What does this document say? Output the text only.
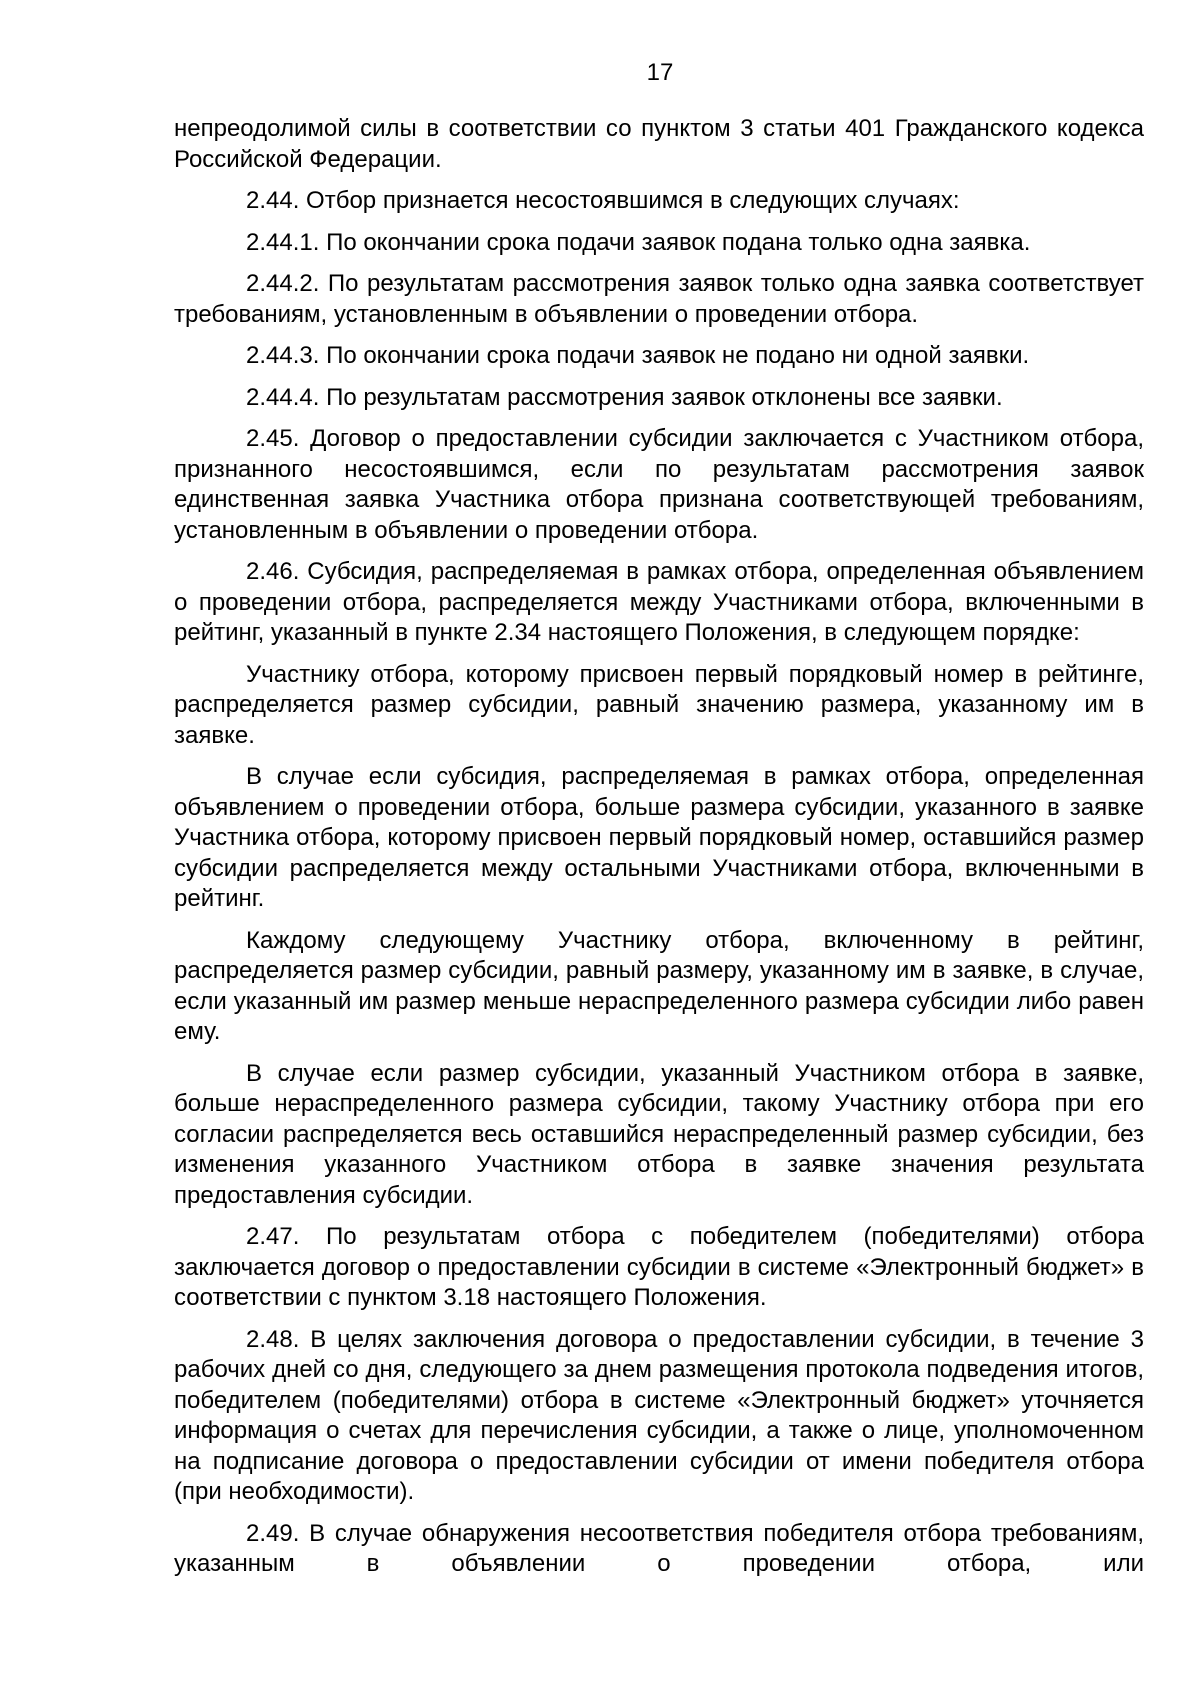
17

непреодолимой силы в соответствии со пунктом 3 статьи 401 Гражданского кодекса Российской Федерации.

2.44. Отбор признается несостоявшимся в следующих случаях:

2.44.1. По окончании срока подачи заявок подана только одна заявка.

2.44.2. По результатам рассмотрения заявок только одна заявка соответствует требованиям, установленным в объявлении о проведении отбора.

2.44.3. По окончании срока подачи заявок не подано ни одной заявки.

2.44.4. По результатам рассмотрения заявок отклонены все заявки.

2.45. Договор о предоставлении субсидии заключается с Участником отбора, признанного несостоявшимся, если по результатам рассмотрения заявок единственная заявка Участника отбора признана соответствующей требованиям, установленным в объявлении о проведении отбора.

2.46. Субсидия, распределяемая в рамках отбора, определенная объявлением о проведении отбора, распределяется между Участниками отбора, включенными в рейтинг, указанный в пункте 2.34 настоящего Положения, в следующем порядке:

Участнику отбора, которому присвоен первый порядковый номер в рейтинге, распределяется размер субсидии, равный значению размера, указанному им в заявке.

В случае если субсидия, распределяемая в рамках отбора, определенная объявлением о проведении отбора, больше размера субсидии, указанного в заявке Участника отбора, которому присвоен первый порядковый номер, оставшийся размер субсидии распределяется между остальными Участниками отбора, включенными в рейтинг.

Каждому следующему Участнику отбора, включенному в рейтинг, распределяется размер субсидии, равный размеру, указанному им в заявке, в случае, если указанный им размер меньше нераспределенного размера субсидии либо равен ему.

В случае если размер субсидии, указанный Участником отбора в заявке, больше нераспределенного размера субсидии, такому Участнику отбора при его согласии распределяется весь оставшийся нераспределенный размер субсидии, без изменения указанного Участником отбора в заявке значения результата предоставления субсидии.

2.47. По результатам отбора с победителем (победителями) отбора заключается договор о предоставлении субсидии в системе «Электронный бюджет» в соответствии с пунктом 3.18 настоящего Положения.

2.48. В целях заключения договора о предоставлении субсидии, в течение 3 рабочих дней со дня, следующего за днем размещения протокола подведения итогов, победителем (победителями) отбора в системе «Электронный бюджет» уточняется информация о счетах для перечисления субсидии, а также о лице, уполномоченном на подписание договора о предоставлении субсидии от имени победителя отбора (при необходимости).

2.49. В случае обнаружения несоответствия победителя отбора требованиям, указанным в объявлении о проведении отбора, или
